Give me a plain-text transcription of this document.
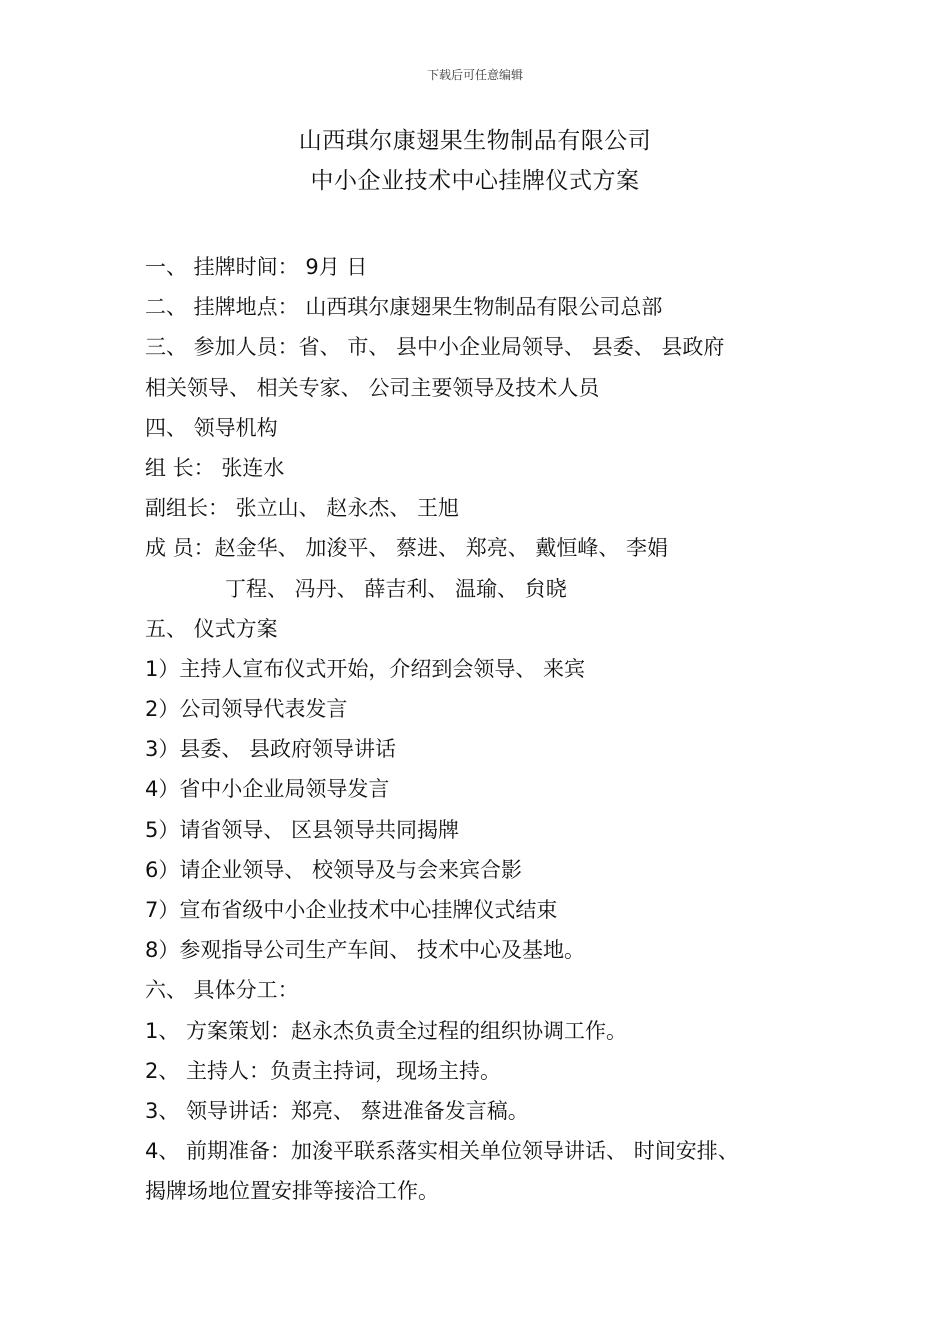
下载后可任意编辑
山西琪尔康翅果生物制品有限公司
中小企业技术中心挂牌仪式方案
一、 挂牌时间： 9月 日
二、 挂牌地点： 山西琪尔康翅果生物制品有限公司总部
三、 参加人员：省、 市、 县中小企业局领导、 县委、 县政府
相关领导、 相关专家、 公司主要领导及技术人员
四、 领导机构
组 长： 张连水
副组长： 张立山、 赵永杰、 王旭
成 员：赵金华、 加浚平、 蔡进、 郑亮、 戴恒峰、 李娟
丁程、 冯丹、 薛吉利、 温瑜、 贠晓
五、 仪式方案
1）主持人宣布仪式开始，介绍到会领导、 来宾
2）公司领导代表发言
3）县委、 县政府领导讲话
4）省中小企业局领导发言
5）请省领导、 区县领导共同揭牌
6）请企业领导、 校领导及与会来宾合影
7）宣布省级中小企业技术中心挂牌仪式结束
8）参观指导公司生产车间、 技术中心及基地。
六、 具体分工：
1、 方案策划：赵永杰负责全过程的组织协调工作。
2、 主持人：负责主持词，现场主持。
3、 领导讲话：郑亮、 蔡进准备发言稿。
4、 前期准备：加浚平联系落实相关单位领导讲话、 时间安排、
揭牌场地位置安排等接洽工作。
